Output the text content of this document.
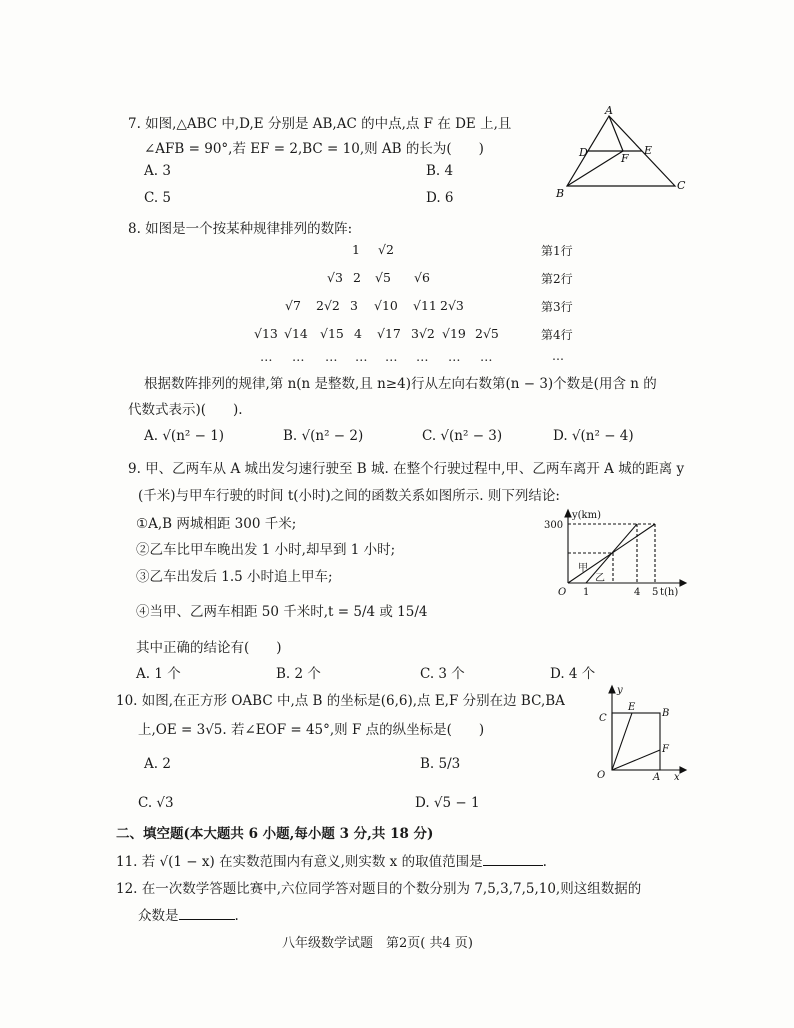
7. 如图,△ABC 中,D,E 分别是 AB,AC 的中点,点 F 在 DE 上,且
∠AFB = 90°,若 EF = 2,BC = 10,则 AB 的长为(　　)
A. 3	B. 4
C. 5	D. 6
A
B
C
D	E
F
8. 如图是一个按某种规律排列的数阵:
1 √2	第1行
√3 2 √5 √6	第2行
√7 2√2 3 √10 √11 2√3	第3行
√13 √14 √15 4 √17 3√2 √19 2√5	第4行
… … … … … … … …	…
根据数阵排列的规律,第 n(n 是整数,且 n≥4)行从左向右数第(n − 3)个数是(用含 n 的
代数式表示)(　　).
A. √(n² − 1)	B. √(n² − 2)	C. √(n² − 3)	D. √(n² − 4)
9. 甲、乙两车从 A 城出发匀速行驶至 B 城. 在整个行驶过程中,甲、乙两车离开 A 城的距离 y
(千米)与甲车行驶的时间 t(小时)之间的函数关系如图所示. 则下列结论:
①A,B 两城相距 300 千米;
②乙车比甲车晚出发 1 小时,却早到 1 小时;
③乙车出发后 1.5 小时追上甲车;
④当甲、乙两车相距 50 千米时,t = 5/4 或 15/4
其中正确的结论有(　　)
A. 1 个	B. 2 个	C. 3 个	D. 4 个
y(km)
300
O 1	4 5 t(h)
甲
乙
10. 如图,在正方形 OABC 中,点 B 的坐标是(6,6),点 E,F 分别在边 BC,BA
上,OE = 3√5. 若∠EOF = 45°,则 F 点的纵坐标是(　　)
A. 2	B. 5/3
C. √3	D. √5 − 1
y
x
O	A
B
C
E
F
二、填空题(本大题共 6 小题,每小题 3 分,共 18 分)
11. 若 √(1 − x) 在实数范围内有意义,则实数 x 的取值范围是	.
12. 在一次数学答题比赛中,六位同学答对题目的个数分别为 7,5,3,7,5,10,则这组数据的
众数是	.
八年级数学试题　第2页( 共4 页)
